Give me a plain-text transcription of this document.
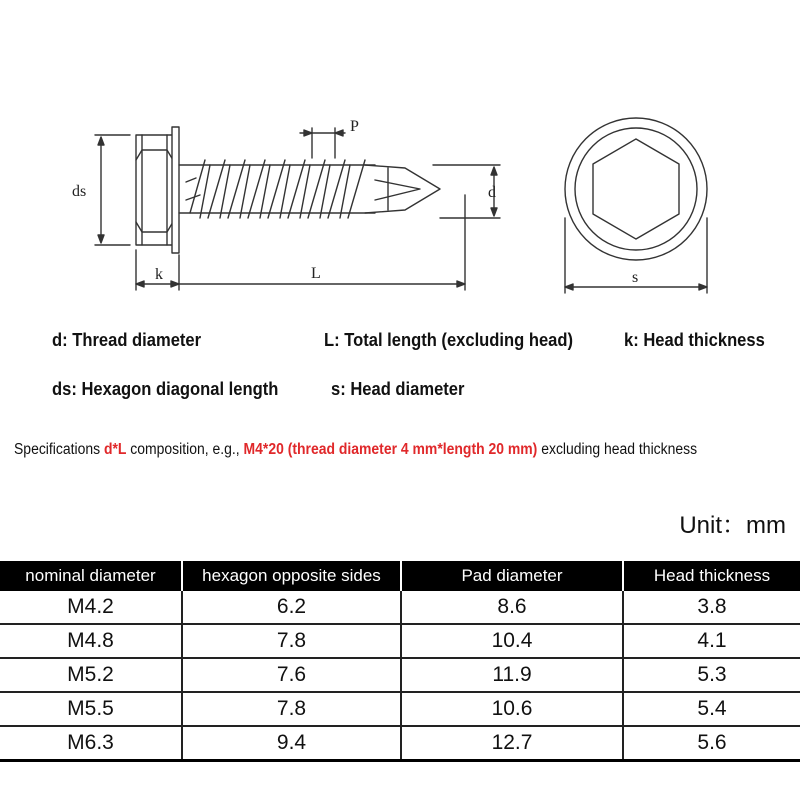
ds
k	L
P
d
s
d: Thread diameter	L: Total length (excluding head)	k: Head thickness
ds: Hexagon diagonal length	s: Head diameter
Specifications d*L composition, e.g., M4*20 (thread diameter 4 mm*length 20 mm) excluding head thickness
Unit：mm
nominal diameter	hexagon opposite sides	Pad diameter	Head thickness
M4.2	6.2	8.6	3.8
M4.8	7.8	10.4	4.1
M5.2	7.6	11.9	5.3
M5.5	7.8	10.6	5.4
M6.3	9.4	12.7	5.6
